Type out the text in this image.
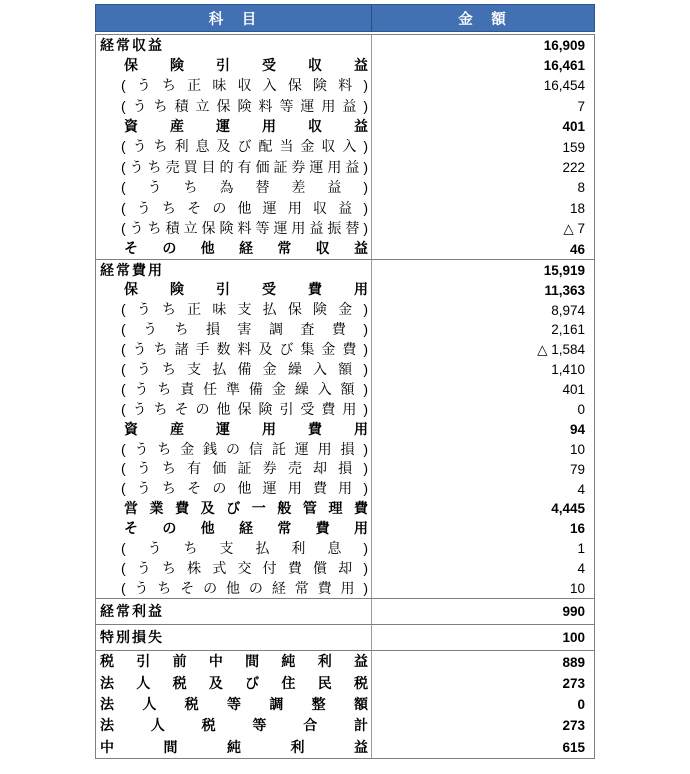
科　目	金　額
経常収益	16,909
保険引受収益	16,461
(うち正味収入保険料)	16,454
(うち積立保険料等運用益)	7
資産運用収益	401
(うち利息及び配当金収入)	159
(うち売買目的有価証券運用益)	222
(うち為替差益)	8
(うちその他運用収益)	18
(うち積立保険料等運用益振替)	△ 7
その他経常収益	46
経常費用	15,919
保険引受費用	11,363
(うち正味支払保険金)	8,974
(うち損害調査費)	2,161
(うち諸手数料及び集金費)	△ 1,584
(うち支払備金繰入額)	1,410
(うち責任準備金繰入額)	401
(うちその他保険引受費用)	0
資産運用費用	94
(うち金銭の信託運用損)	10
(うち有価証券売却損)	79
(うちその他運用費用)	4
営業費及び一般管理費	4,445
その他経常費用	16
(うち支払利息)	1
(うち株式交付費償却)	4
(うちその他の経常費用)	10
経常利益	990
特別損失	100
税引前中間純利益	889
法人税及び住民税	273
法人税等調整額	0
法人税等合計	273
中間純利益	615
